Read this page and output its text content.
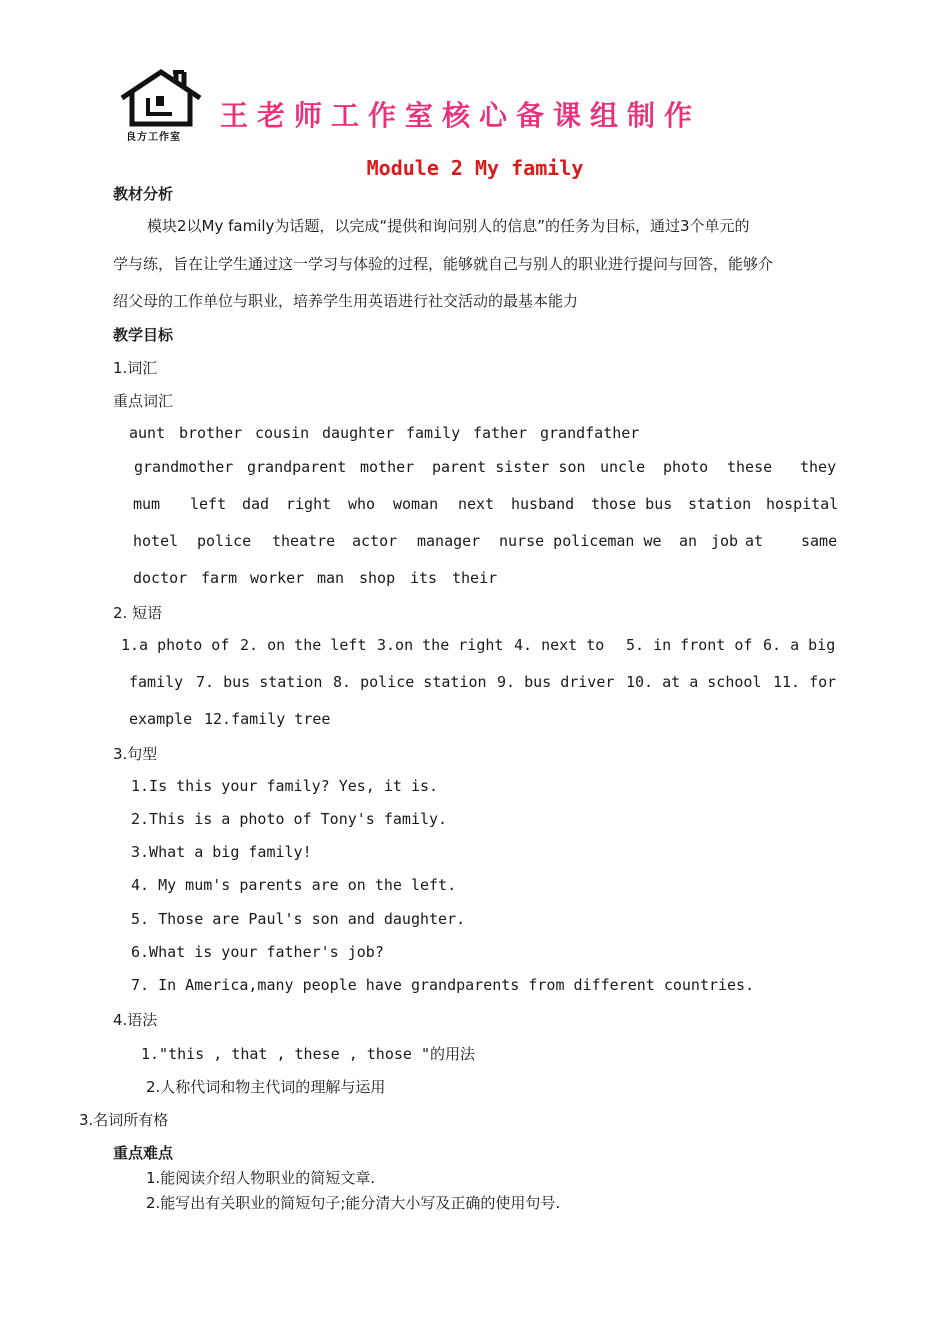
良方工作室
王老师工作室核心备课组制作
Module 2 My family
教材分析
模块2以My family为话题，以完成“提供和询问别人的信息”的任务为目标，通过3个单元的
学与练，旨在让学生通过这一学习与体验的过程，能够就自己与别人的职业进行提问与回答，能够介
绍父母的工作单位与职业，培养学生用英语进行社交活动的最基本能力
教学目标
1.词汇
重点词汇
aunt brother cousin daughter family father grandfather
grandmother grandparent mother parent sister son uncle photo these they
mum left dad right who woman next husband those bus station hospital
hotel police theatre actor manager nurse policeman we an job at	same
doctor farm worker man shop its their
2. 短语
1.a photo of 2. on the left 3.on the right 4. next to 5. in front of 6. a big
family 7. bus station 8. police station 9. bus driver 10. at a school 11. for
example 12.family tree
3.句型
1.Is this your family? Yes, it is.
2.This is a photo of Tony's family.
3.What a big family!
4. My mum's parents are on the left.
5. Those are Paul's son and daughter.
6.What is your father's job?
7. In America,many people have grandparents from different countries.
4.语法
1."this , that , these , those "的用法
2.人称代词和物主代词的理解与运用
3.名词所有格
重点难点
1.能阅读介绍人物职业的简短文章.
2.能写出有关职业的简短句子;能分清大小写及正确的使用句号.
